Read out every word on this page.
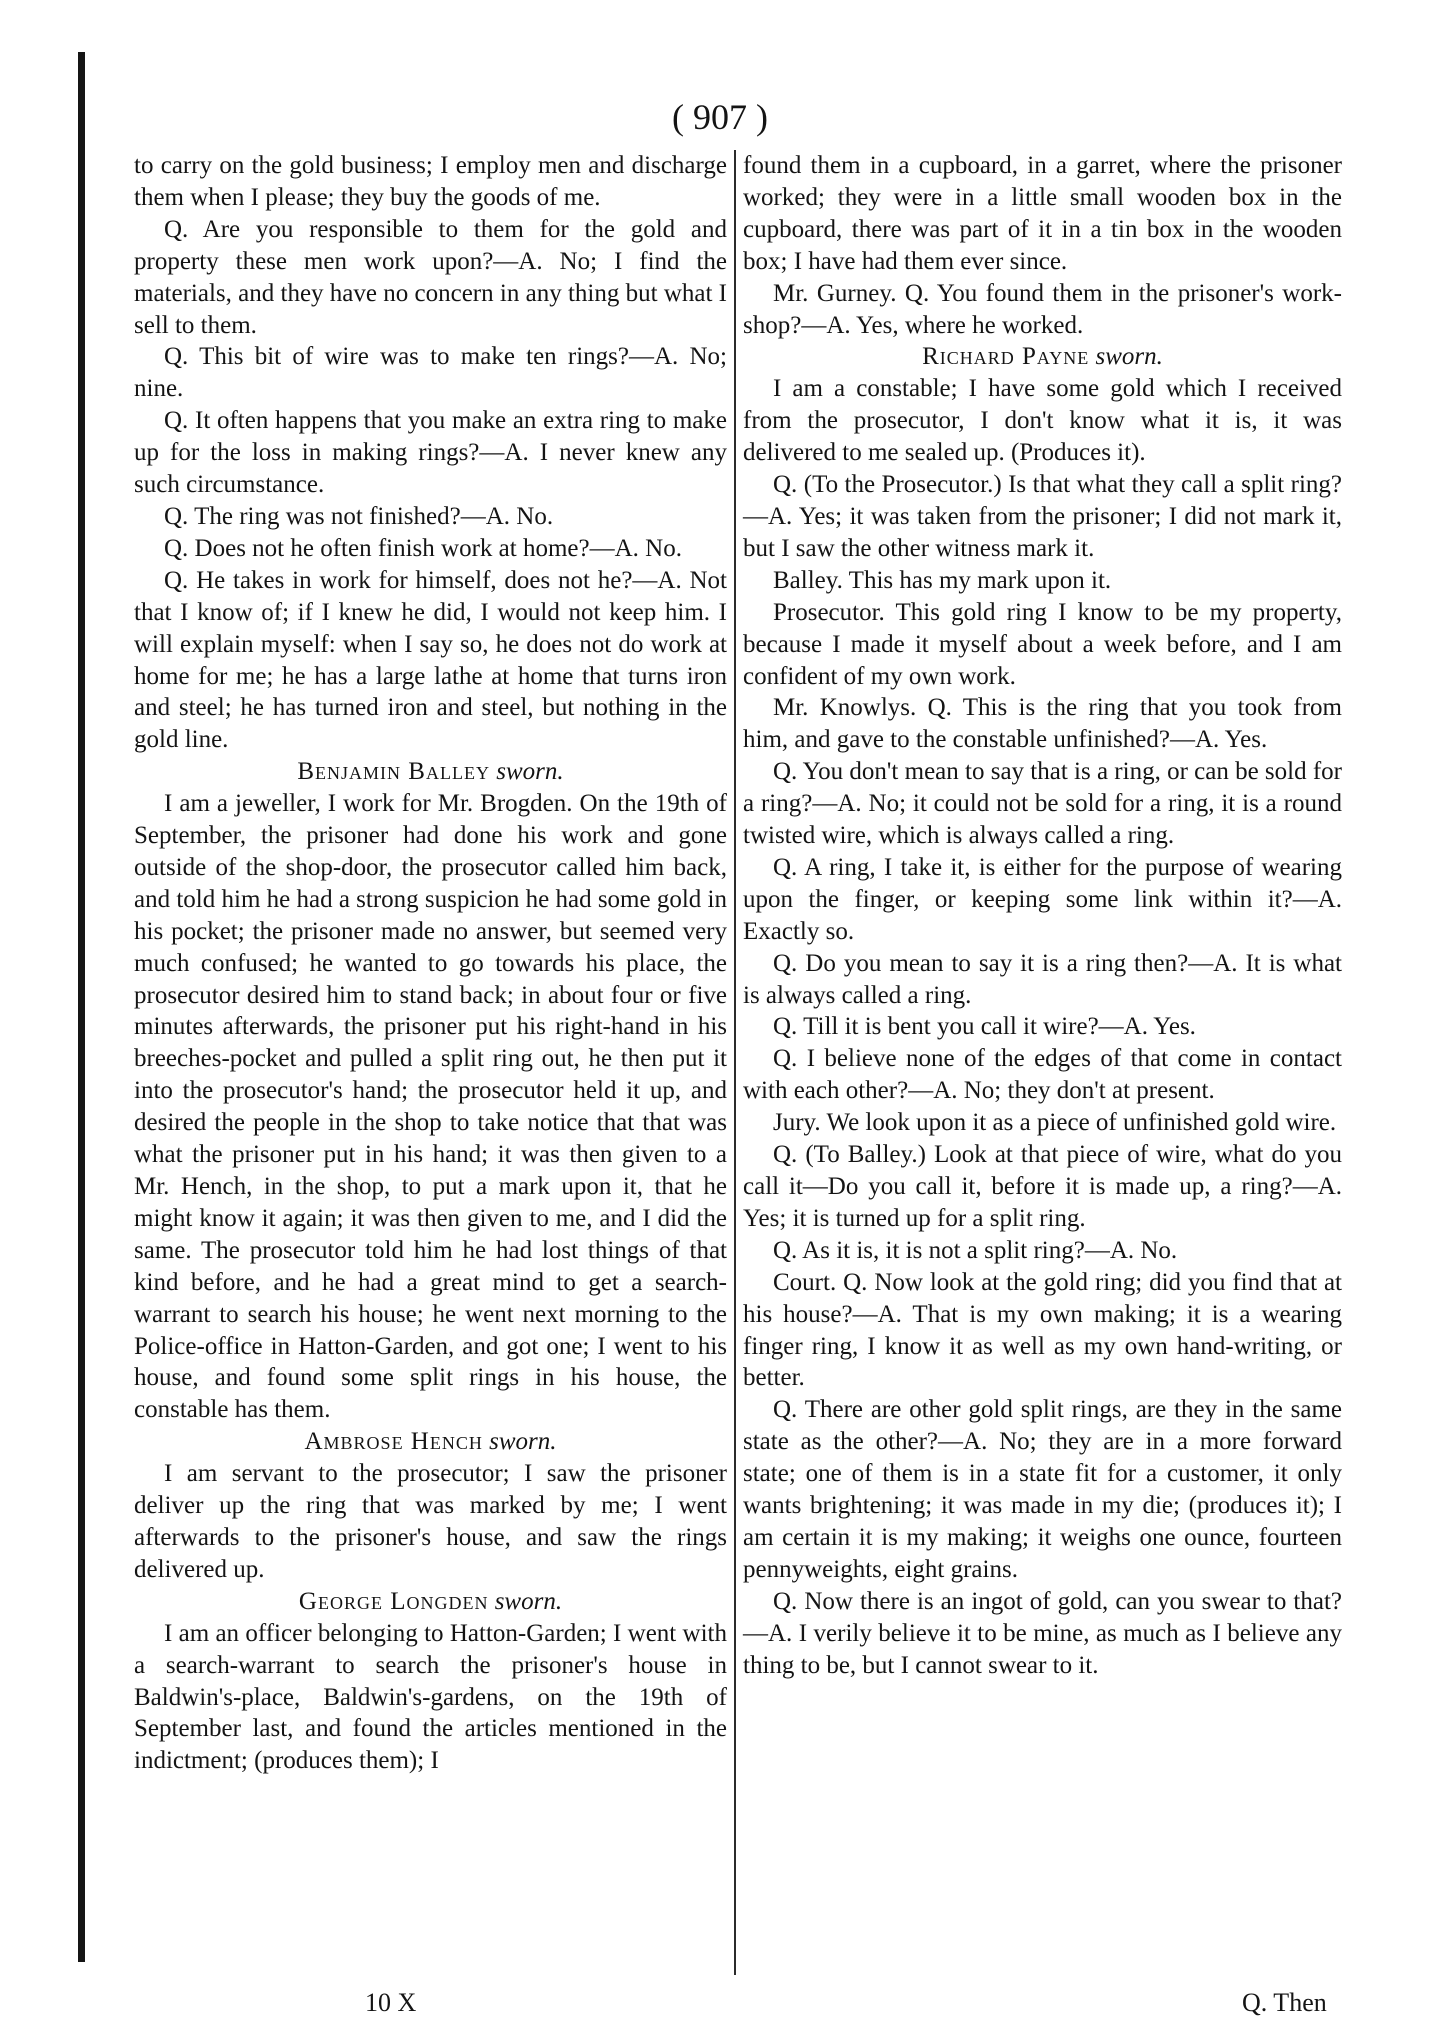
( 907 )

to carry on the gold business; I employ men and discharge them when I please; they buy the goods of me.

Q. Are you responsible to them for the gold and property these men work upon?—A. No; I find the materials, and they have no concern in any thing but what I sell to them.

Q. This bit of wire was to make ten rings?—A. No; nine.

Q. It often happens that you make an extra ring to make up for the loss in making rings?—A. I never knew any such circumstance.

Q. The ring was not finished?—A. No.

Q. Does not he often finish work at home?—A. No.

Q. He takes in work for himself, does not he?—A. Not that I know of; if I knew he did, I would not keep him. I will explain myself: when I say so, he does not do work at home for me; he has a large lathe at home that turns iron and steel; he has turned iron and steel, but nothing in the gold line.

Benjamin Balley sworn.

I am a jeweller, I work for Mr. Brogden. On the 19th of September, the prisoner had done his work and gone outside of the shop-door, the prosecutor called him back, and told him he had a strong suspicion he had some gold in his pocket; the prisoner made no answer, but seemed very much confused; he wanted to go towards his place, the prosecutor desired him to stand back; in about four or five minutes afterwards, the prisoner put his right-hand in his breeches-pocket and pulled a split ring out, he then put it into the prosecutor's hand; the prosecutor held it up, and desired the people in the shop to take notice that that was what the prisoner put in his hand; it was then given to a Mr. Hench, in the shop, to put a mark upon it, that he might know it again; it was then given to me, and I did the same. The prosecutor told him he had lost things of that kind before, and he had a great mind to get a search-warrant to search his house; he went next morning to the Police-office in Hatton-Garden, and got one; I went to his house, and found some split rings in his house, the constable has them.

Ambrose Hench sworn.

I am servant to the prosecutor; I saw the prisoner deliver up the ring that was marked by me; I went afterwards to the prisoner's house, and saw the rings delivered up.

George Longden sworn.

I am an officer belonging to Hatton-Garden; I went with a search-warrant to search the prisoner's house in Baldwin's-place, Baldwin's-gardens, on the 19th of September last, and found the articles mentioned in the indictment; (produces them); I

found them in a cupboard, in a garret, where the prisoner worked; they were in a little small wooden box in the cupboard, there was part of it in a tin box in the wooden box; I have had them ever since.

Mr. Gurney. Q. You found them in the prisoner's work-shop?—A. Yes, where he worked.

Richard Payne sworn.

I am a constable; I have some gold which I received from the prosecutor, I don't know what it is, it was delivered to me sealed up. (Produces it).

Q. (To the Prosecutor.) Is that what they call a split ring?—A. Yes; it was taken from the prisoner; I did not mark it, but I saw the other witness mark it.

Balley. This has my mark upon it.

Prosecutor. This gold ring I know to be my property, because I made it myself about a week before, and I am confident of my own work.

Mr. Knowlys. Q. This is the ring that you took from him, and gave to the constable unfinished?—A. Yes.

Q. You don't mean to say that is a ring, or can be sold for a ring?—A. No; it could not be sold for a ring, it is a round twisted wire, which is always called a ring.

Q. A ring, I take it, is either for the purpose of wearing upon the finger, or keeping some link within it?—A. Exactly so.

Q. Do you mean to say it is a ring then?—A. It is what is always called a ring.

Q. Till it is bent you call it wire?—A. Yes.

Q. I believe none of the edges of that come in contact with each other?—A. No; they don't at present.

Jury. We look upon it as a piece of unfinished gold wire.

Q. (To Balley.) Look at that piece of wire, what do you call it—Do you call it, before it is made up, a ring?—A. Yes; it is turned up for a split ring.

Q. As it is, it is not a split ring?—A. No.

Court. Q. Now look at the gold ring; did you find that at his house?—A. That is my own making; it is a wearing finger ring, I know it as well as my own hand-writing, or better.

Q. There are other gold split rings, are they in the same state as the other?—A. No; they are in a more forward state; one of them is in a state fit for a customer, it only wants brightening; it was made in my die; (produces it); I am certain it is my making; it weighs one ounce, fourteen pennyweights, eight grains.

Q. Now there is an ingot of gold, can you swear to that?—A. I verily believe it to be mine, as much as I believe any thing to be, but I cannot swear to it.

10 X	Q. Then
